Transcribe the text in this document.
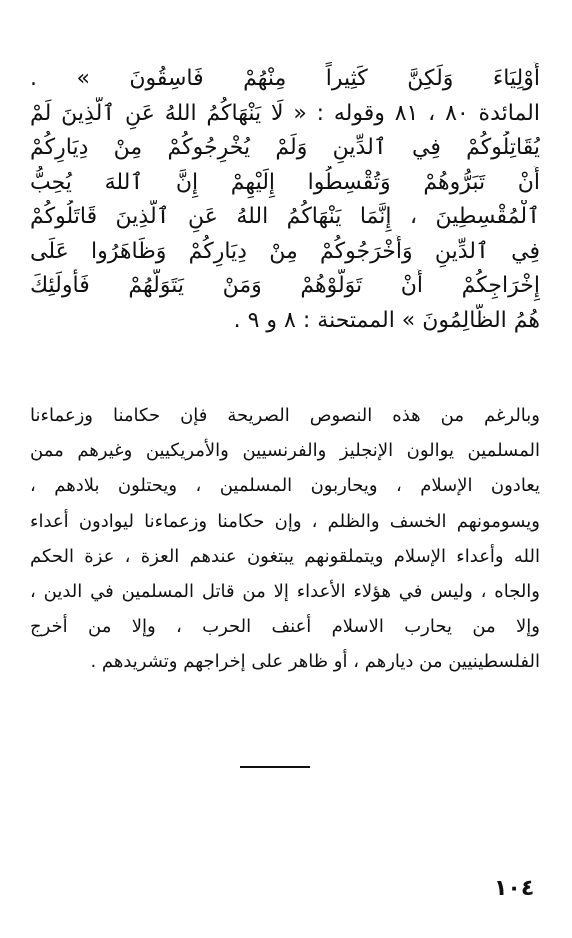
أَوْلِيَاءَ وَلَكِنَّ كَثِيراً مِنْهُمْ فَاسِقُونَ » .
المائدة ٨٠ ، ٨١ وقوله : « لَا يَنْهَاكُمُ اللهُ عَنِ ٱلَّذِينَ لَمْ
يُقَاتِلُوكُمْ فِي ٱلدِّينِ وَلَمْ يُخْرِجُوكُمْ مِنْ دِيَارِكُمْ
أَنْ تَبَرُّوهُمْ وَتُقْسِطُوا إِلَيْهِمْ إِنَّ ٱللهَ يُحِبُّ
ٱلْمُقْسِطِينَ ، إِنَّمَا يَنْهَاكُمُ اللهُ عَنِ ٱلَّذِينَ قَاتَلُوكُمْ
فِي ٱلدِّينِ وَأَخْرَجُوكُمْ مِنْ دِيَارِكُمْ وَظَاهَرُوا عَلَى
إِخْرَاجِكُمْ أَنْ تَوَلَّوْهُمْ وَمَنْ يَتَوَلَّهُمْ فَأُولَئِكَ
هُمُ الظَّالِمُونَ » الممتحنة : ٨ و ٩ .
وبالرغم من هذه النصوص الصريحة فإن حكامنا وزعماءنا
المسلمين يوالون الإنجليز والفرنسيين والأمريكيين وغيرهم ممن
يعادون الإسلام ، ويحاربون المسلمين ، ويحتلون بلادهم ،
ويسومونهم الخسف والظلم ، وإن حكامنا وزعماءنا ليوادون أعداء
الله وأعداء الإسلام ويتملقونهم يبتغون عندهم العزة ، عزة الحكم
والجاه ، وليس في هؤلاء الأعداء إلا من قاتل المسلمين في الدين ،
وإلا من يحارب الاسلام أعنف الحرب ، وإلا من أخرج
الفلسطينيين من ديارهم ، أو ظاهر على إخراجهم وتشريدهم .
١٠٤
